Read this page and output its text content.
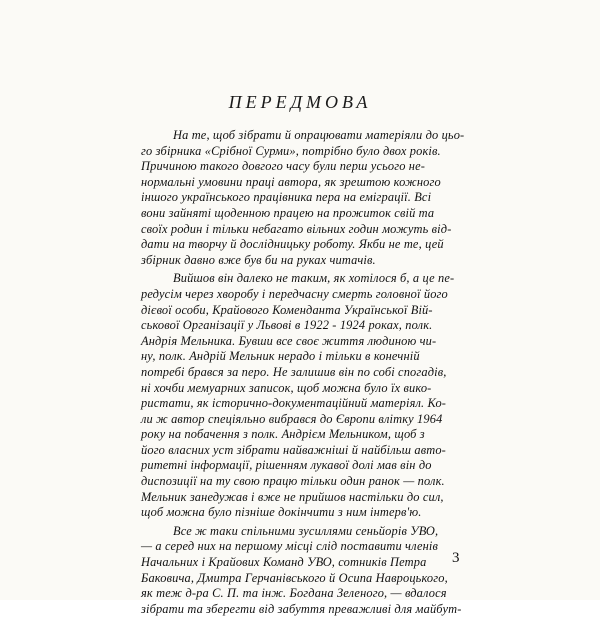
ПЕРЕДМОВА

На те, щоб зібрати й опрацювати матеріяли до цьо-
го збірника «Срібної Сурми», потрібно було двох років.
Причиною такого довгого часу були перш усього не-
нормальні умовини праці автора, як зрештою кожного
іншого українського працівника пера на еміграції. Всі
вони зайняті щоденною працею на прожиток свій та
своїх родин і тільки небагато вільних годин можуть від-
дати на творчу й дослідницьку роботу. Якби не те, цей
збірник давно вже був би на руках читачів.

Вийшов він далеко не таким, як хотілося б, а це пе-
редусім через хворобу і передчасну смерть головної його
дієвої особи, Крайового Коменданта Української Вій-
ськової Організації у Львові в 1922 - 1924 роках, полк.
Андрія Мельника. Бувши все своє життя людиною чи-
ну, полк. Андрій Мельник нерадо і тільки в конечній
потребі брався за перо. Не залишив він по собі спогадів,
ні хочби мемуарних записок, щоб можна було їх вико-
ристати, як історично-документаційний матеріял. Ко-
ли ж автор спеціяльно вибрався до Європи влітку 1964
року на побачення з полк. Андрієм Мельником, щоб з
його власних уст зібрати найважніші й найбільш авто-
ритетні інформації, рішенням лукавої долі мав він до
диспозиції на ту свою працю тільки один ранок — полк.
Мельник занедужав і вже не прийшов настільки до сил,
щоб можна було пізніше докінчити з ним інтерв'ю.

Все ж таки спільними зусиллями сеньйорів УВО,
— а серед них на першому місці слід поставити членів
Начальних і Крайових Команд УВО, сотників Петра
Баковича, Дмитра Герчанівського й Осипа Навроцького,
як теж д-ра С. П. та інж. Богдана Зеленого, — вдалося
зібрати та зберегти від забуття преважливі для майбут-

3
